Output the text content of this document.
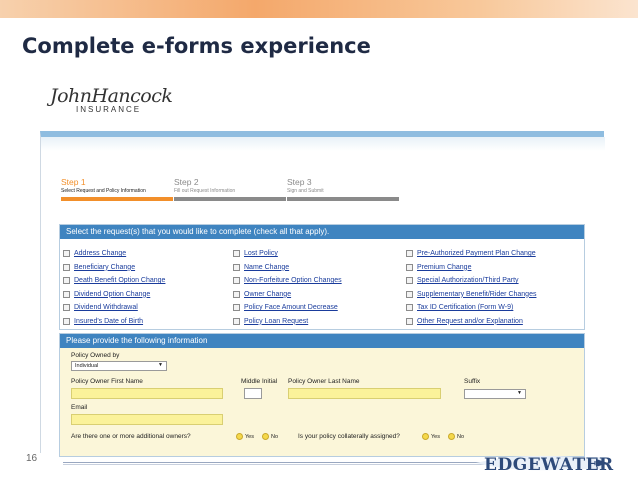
Complete e-forms experience
JohnHancock
INSURANCE
Step 1
Select Request and Policy Information
Step 2
Fill out Request Information
Step 3
Sign and Submit
Select the request(s) that you would like to complete (check all that apply).
Address Change
Beneficiary Change
Death Benefit Option Change
Dividend Option Change
Dividend Withdrawal
Insured's Date of Birth
Lost Policy
Name Change
Non-Forfeiture Option Changes
Owner Change
Policy Face Amount Decrease
Policy Loan Request
Pre-Authorized Payment Plan Change
Premium Change
Special Authorization/Third Party
Supplementary Benefit/Rider Changes
Tax ID Certification (Form W-9)
Other Request and/or Explanation
Please provide the following information
Policy Owned by
Individual	▼
Policy Owner First Name	Middle Initial Policy Owner Last Name	Suffix
▼
Email
Are there one or more additional owners?	Yes	No	Is your policy collaterally assigned?	Yes	No
16	EDGEWATER
